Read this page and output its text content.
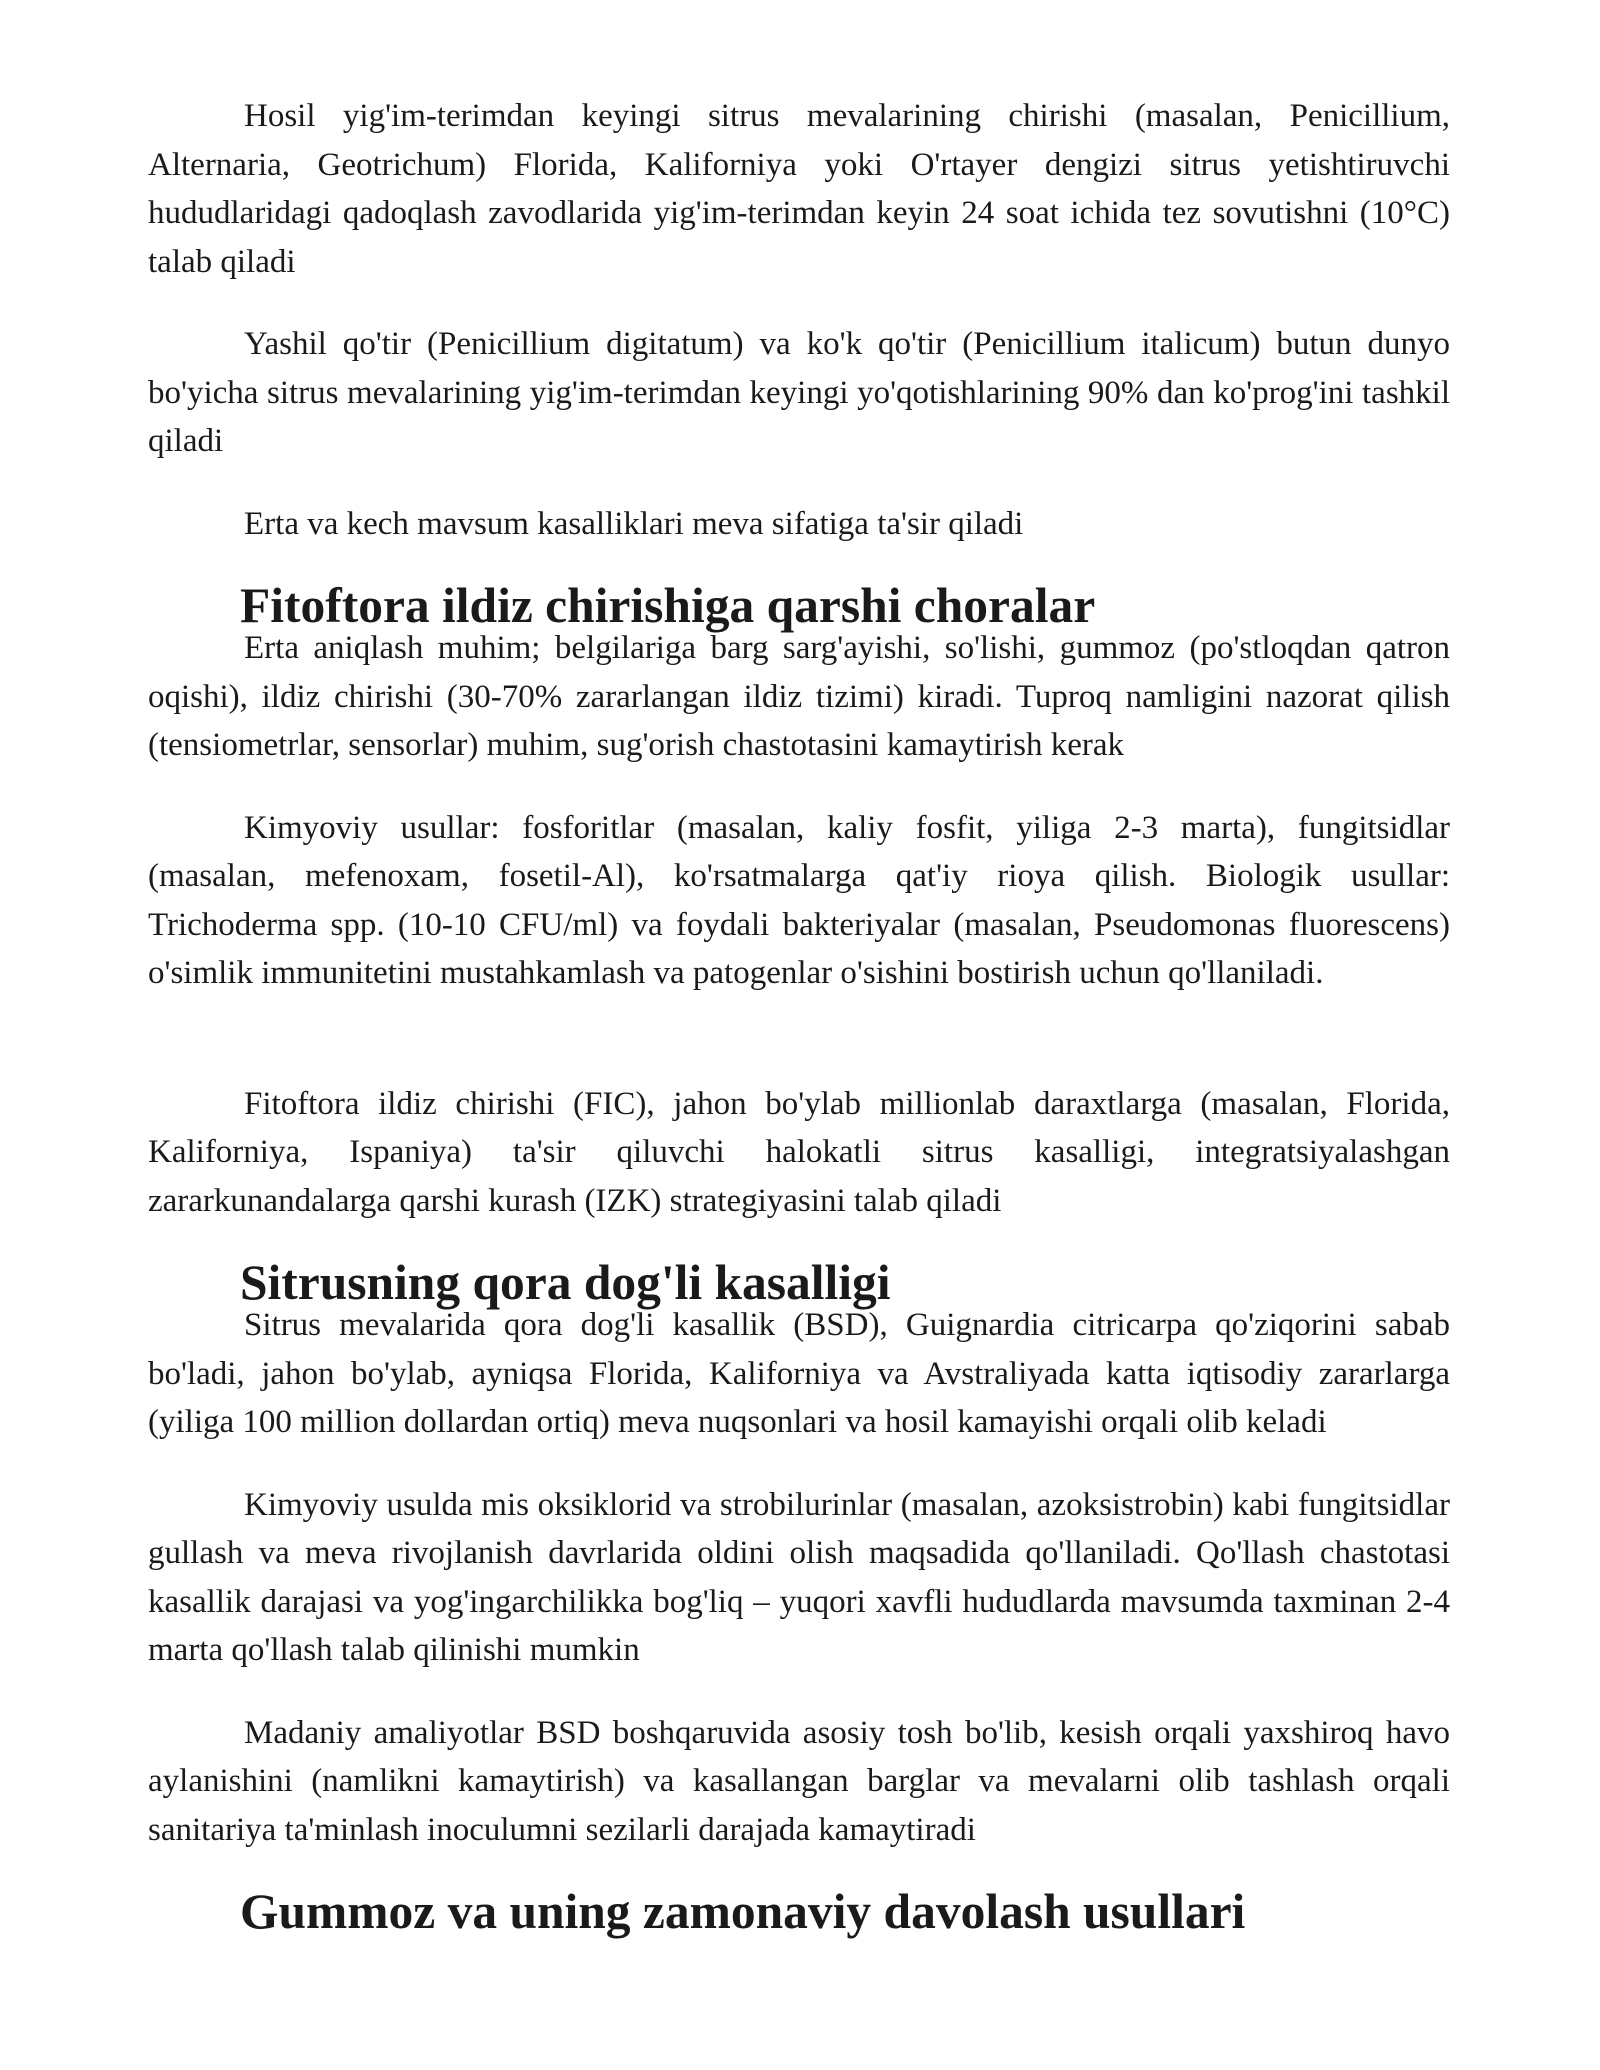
Hosil yig'im-terimdan keyingi sitrus mevalarining chirishi (masalan, Penicillium, Alternaria, Geotrichum) Florida, Kaliforniya yoki O'rtayer dengizi sitrus yetishtiruvchi hududlaridagi qadoqlash zavodlarida yig'im-terimdan keyin 24 soat ichida tez sovutishni (10°C) talab qiladi

Yashil qo'tir (Penicillium digitatum) va ko'k qo'tir (Penicillium italicum) butun dunyo bo'yicha sitrus mevalarining yig'im-terimdan keyingi yo'qotishlarining 90% dan ko'prog'ini tashkil qiladi

Erta va kech mavsum kasalliklari meva sifatiga ta'sir qiladi

Fitoftora ildiz chirishiga qarshi choralar

Erta aniqlash muhim; belgilariga barg sarg'ayishi, so'lishi, gummoz (po'stloqdan qatron oqishi), ildiz chirishi (30-70% zararlangan ildiz tizimi) kiradi. Tuproq namligini nazorat qilish (tensiometrlar, sensorlar) muhim, sug'orish chastotasini kamaytirish kerak

Kimyoviy usullar: fosforitlar (masalan, kaliy fosfit, yiliga 2-3 marta), fungitsidlar (masalan, mefenoxam, fosetil-Al), ko'rsatmalarga qat'iy rioya qilish. Biologik usullar: Trichoderma spp. (10-10 CFU/ml) va foydali bakteriyalar (masalan, Pseudomonas fluorescens) o'simlik immunitetini mustahkamlash va patogenlar o'sishini bostirish uchun qo'llaniladi.

Fitoftora ildiz chirishi (FIC), jahon bo'ylab millionlab daraxtlarga (masalan, Florida, Kaliforniya, Ispaniya) ta'sir qiluvchi halokatli sitrus kasalligi, integratsiyalashgan zararkunandalarga qarshi kurash (IZK) strategiyasini talab qiladi

Sitrusning qora dog'li kasalligi

Sitrus mevalarida qora dog'li kasallik (BSD), Guignardia citricarpa qo'ziqorini sabab bo'ladi, jahon bo'ylab, ayniqsa Florida, Kaliforniya va Avstraliyada katta iqtisodiy zararlarga (yiliga 100 million dollardan ortiq) meva nuqsonlari va hosil kamayishi orqali olib keladi

Kimyoviy usulda mis oksiklorid va strobilurinlar (masalan, azoksistrobin) kabi fungitsidlar gullash va meva rivojlanish davrlarida oldini olish maqsadida qo'llaniladi. Qo'llash chastotasi kasallik darajasi va yog'ingarchilikka bog'liq – yuqori xavfli hududlarda mavsumda taxminan 2-4 marta qo'llash talab qilinishi mumkin

Madaniy amaliyotlar BSD boshqaruvida asosiy tosh bo'lib, kesish orqali yaxshiroq havo aylanishini (namlikni kamaytirish) va kasallangan barglar va mevalarni olib tashlash orqali sanitariya ta'minlash inoculumni sezilarli darajada kamaytiradi

Gummoz va uning zamonaviy davolash usullari
